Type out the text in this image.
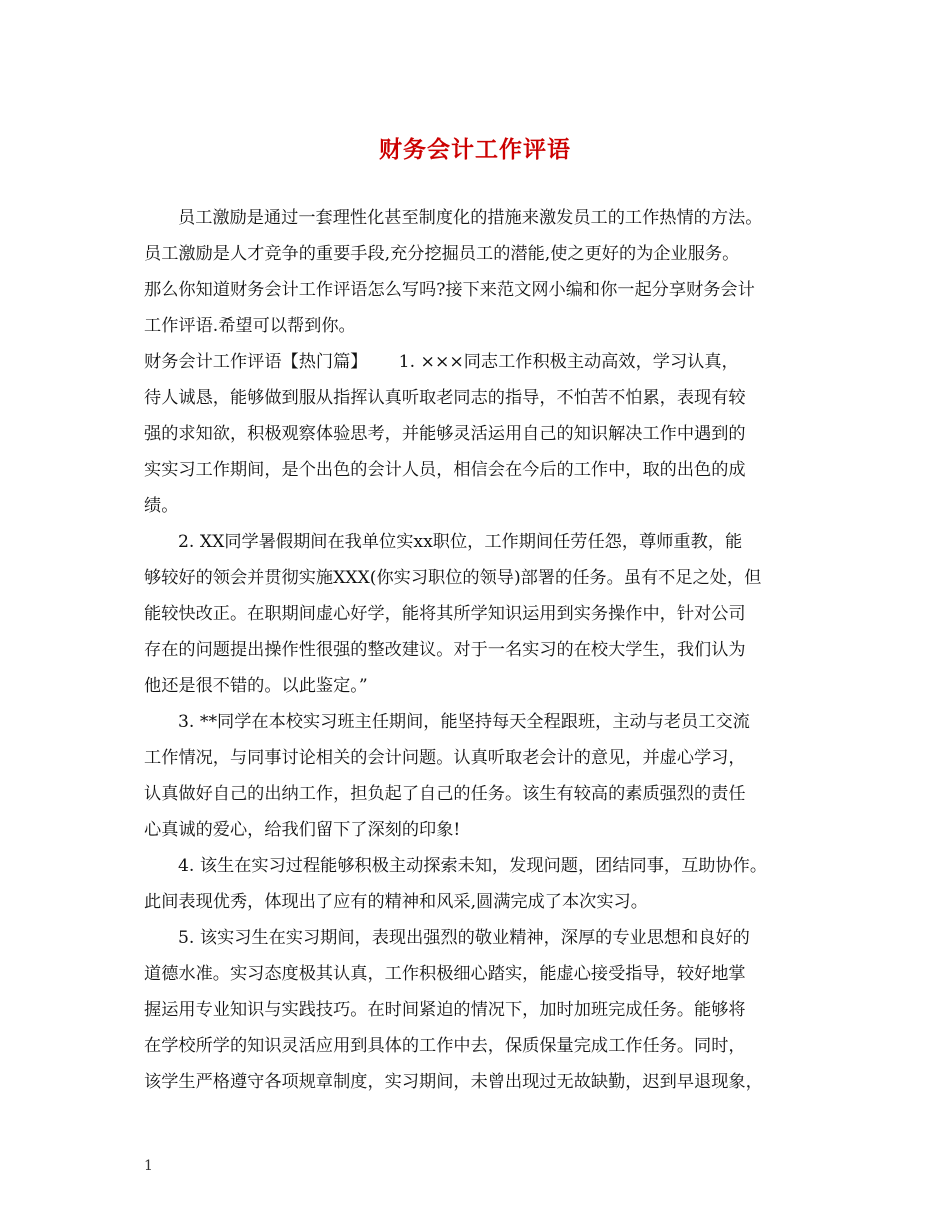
财务会计工作评语
员工激励是通过一套理性化甚至制度化的措施来激发员工的工作热情的方法。
员工激励是人才竞争的重要手段,充分挖掘员工的潜能,使之更好的为企业服务。
那么你知道财务会计工作评语怎么写吗?接下来范文网小编和你一起分享财务会计
工作评语.希望可以帮到你。
财务会计工作评语【热门篇】　　 1. ×××同志工作积极主动高效，学习认真，
待人诚恳，能够做到服从指挥认真听取老同志的指导，不怕苦不怕累，表现有较
强的求知欲，积极观察体验思考，并能够灵活运用自己的知识解决工作中遇到的
实实习工作期间，是个出色的会计人员，相信会在今后的工作中，取的出色的成
绩。
2. XX同学暑假期间在我单位实xx职位，工作期间任劳任怨，尊师重教，能
够较好的领会并贯彻实施XXX(你实习职位的领导)部署的任务。虽有不足之处，但
能较快改正。在职期间虚心好学，能将其所学知识运用到实务操作中，针对公司
存在的问题提出操作性很强的整改建议。对于一名实习的在校大学生，我们认为
他还是很不错的。以此鉴定。”
3. **同学在本校实习班主任期间，能坚持每天全程跟班，主动与老员工交流
工作情况，与同事讨论相关的会计问题。认真听取老会计的意见，并虚心学习，
认真做好自己的出纳工作，担负起了自己的任务。该生有较高的素质强烈的责任
心真诚的爱心，给我们留下了深刻的印象!
4. 该生在实习过程能够积极主动探索未知，发现问题，团结同事，互助协作。
此间表现优秀，体现出了应有的精神和风采,圆满完成了本次实习。
5. 该实习生在实习期间，表现出强烈的敬业精神，深厚的专业思想和良好的
道德水准。实习态度极其认真，工作积极细心踏实，能虚心接受指导，较好地掌
握运用专业知识与实践技巧。在时间紧迫的情况下，加时加班完成任务。能够将
在学校所学的知识灵活应用到具体的工作中去，保质保量完成工作任务。同时，
该学生严格遵守各项规章制度，实习期间，未曾出现过无故缺勤，迟到早退现象，
1
